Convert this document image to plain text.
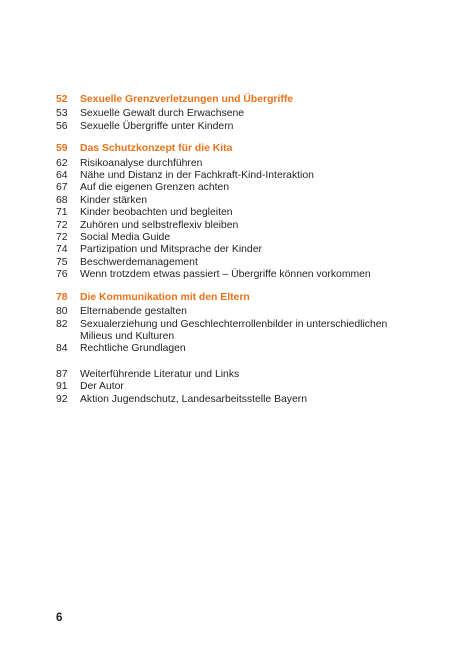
52	Sexuelle Grenzverletzungen und Übergriffe
53	Sexuelle Gewalt durch Erwachsene
56	Sexuelle Übergriffe unter Kindern
59	Das Schutzkonzept für die Kita
62	Risikoanalyse durchführen
64	Nähe und Distanz in der Fachkraft-Kind-Interaktion
67	Auf die eigenen Grenzen achten
68	Kinder stärken
71	Kinder beobachten und begleiten
72	Zuhören und selbstreflexiv bleiben
72	Social Media Guide
74	Partizipation und Mitsprache der Kinder
75	Beschwerdemanagement
76	Wenn trotzdem etwas passiert – Übergriffe können vorkommen
78	Die Kommunikation mit den Eltern
80	Elternabende gestalten
82	Sexualerziehung und Geschlechterrollenbilder in unterschiedlichen Milieus und Kulturen
84	Rechtliche Grundlagen
87	Weiterführende Literatur und Links
91	Der Autor
92	Aktion Jugendschutz, Landesarbeitsstelle Bayern
6
